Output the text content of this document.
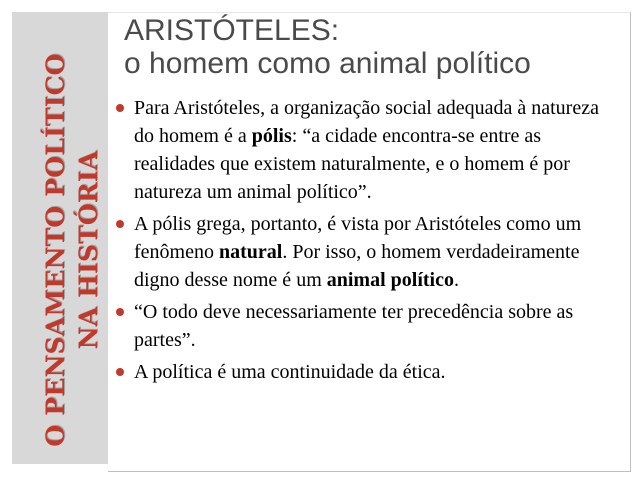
O PENSAMENTO POLÍTICO NA HISTÓRIA
ARISTÓTELES:
o homem como animal político
Para Aristóteles, a organização social adequada à natureza do homem é a pólis: “a cidade encontra-se entre as realidades que existem naturalmente, e o homem é por natureza um animal político”.
A pólis grega, portanto, é vista por Aristóteles como um fenômeno natural. Por isso, o homem verdadeiramente digno desse nome é um animal político.
“O todo deve necessariamente ter precedência sobre as partes”.
A política é uma continuidade da ética.
